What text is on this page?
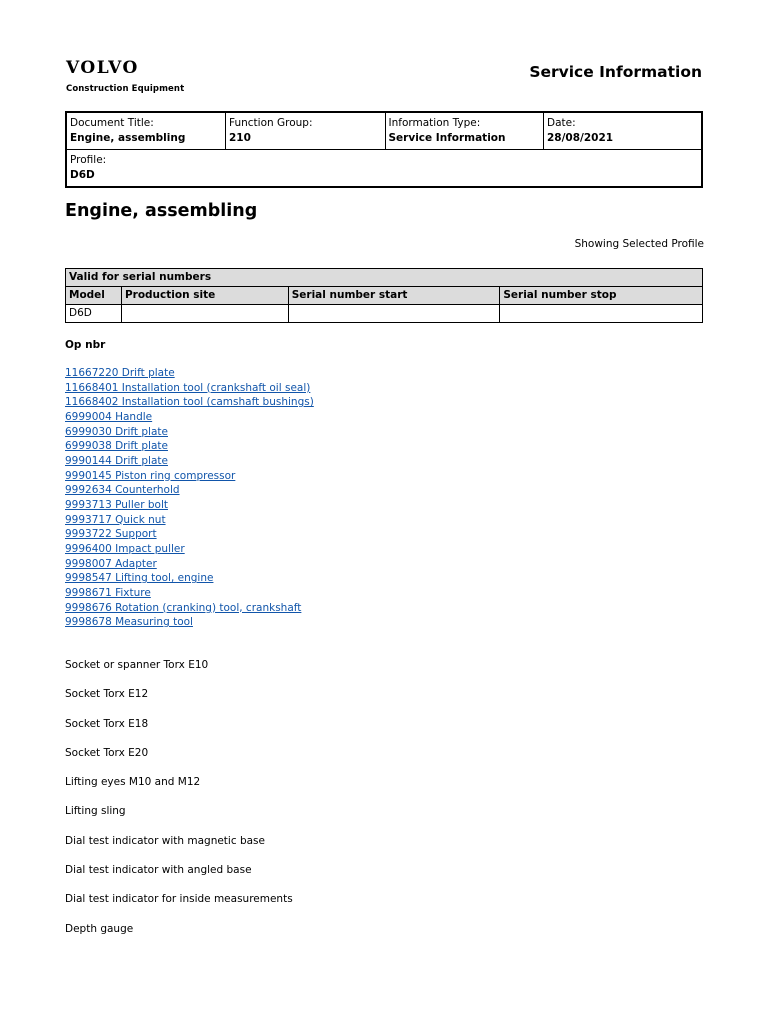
VOLVO
Construction Equipment
Service Information
Document Title:
Engine, assembling

Function Group:
210

Information Type:
Service Information

Date:
28/08/2021

Profile:
D6D
Engine, assembling
Showing Selected Profile
Valid for serial numbers			
Model	Production site	Serial number start	Serial number stop
D6D			
Op nbr
11667220 Drift plate
11668401 Installation tool (crankshaft oil seal)
11668402 Installation tool (camshaft bushings)
6999004 Handle
6999030 Drift plate
6999038 Drift plate
9990144 Drift plate
9990145 Piston ring compressor
9992634 Counterhold
9993713 Puller bolt
9993717 Quick nut
9993722 Support
9996400 Impact puller
9998007 Adapter
9998547 Lifting tool, engine
9998671 Fixture
9998676 Rotation (cranking) tool, crankshaft
9998678 Measuring tool
Socket or spanner Torx E10
Socket Torx E12
Socket Torx E18
Socket Torx E20
Lifting eyes M10 and M12
Lifting sling
Dial test indicator with magnetic base
Dial test indicator with angled base
Dial test indicator for inside measurements
Depth gauge
